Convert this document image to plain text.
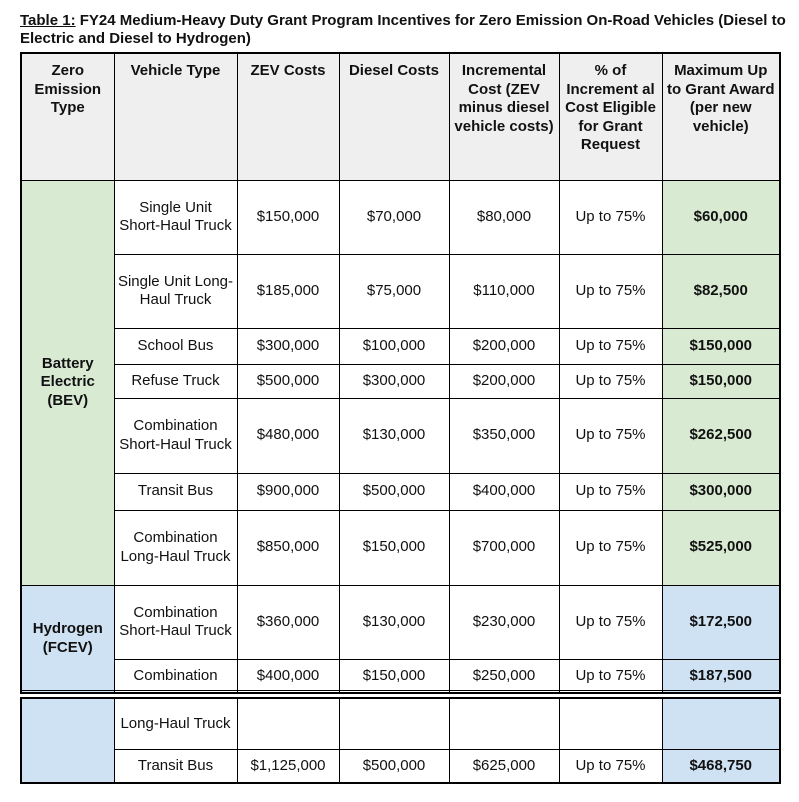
Table 1: FY24 Medium-Heavy Duty Grant Program Incentives for Zero Emission On-Road Vehicles (Diesel to Electric and Diesel to Hydrogen)
Zero Emission Type	Vehicle Type	ZEV Costs	Diesel Costs	Incremental Cost (ZEV minus diesel vehicle costs)	% of Increment al Cost Eligible for Grant Request	Maximum Up to Grant Award (per new vehicle)
Battery Electric (BEV)	Single Unit Short-Haul Truck	$150,000	$70,000	$80,000	Up to 75%	$60,000
	Single Unit Long-Haul Truck	$185,000	$75,000	$110,000	Up to 75%	$82,500
	School Bus	$300,000	$100,000	$200,000	Up to 75%	$150,000
	Refuse Truck	$500,000	$300,000	$200,000	Up to 75%	$150,000
	Combination Short-Haul Truck	$480,000	$130,000	$350,000	Up to 75%	$262,500
	Transit Bus	$900,000	$500,000	$400,000	Up to 75%	$300,000
	Combination Long-Haul Truck	$850,000	$150,000	$700,000	Up to 75%	$525,000
Hydrogen (FCEV)	Combination Short-Haul Truck	$360,000	$130,000	$230,000	Up to 75%	$172,500
	Combination	$400,000	$150,000	$250,000	Up to 75%	$187,500
	Long-Haul Truck					
	Transit Bus	$1,125,000	$500,000	$625,000	Up to 75%	$468,750
